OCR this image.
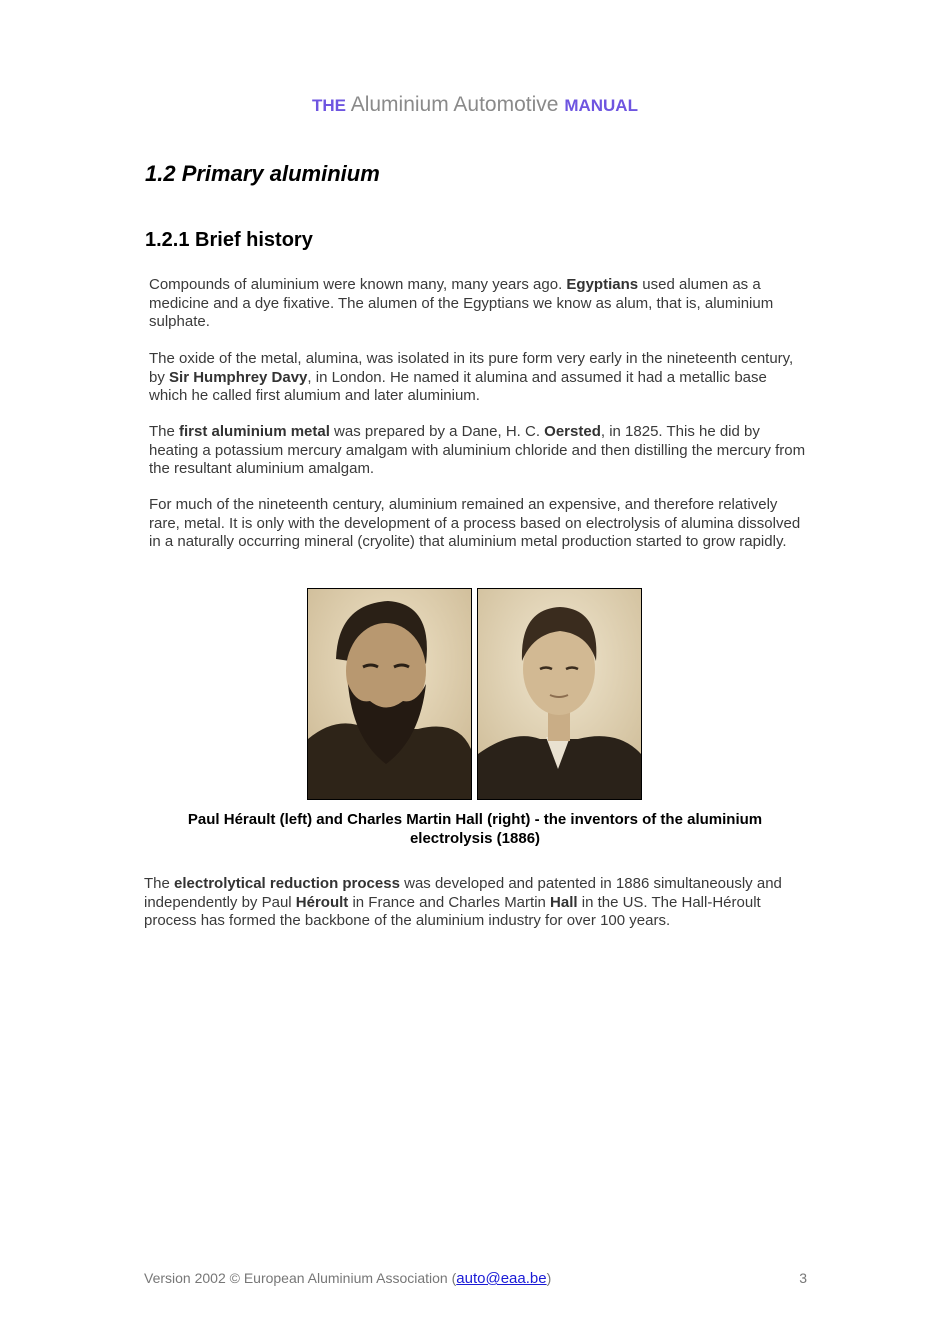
THE Aluminium Automotive MANUAL
1.2 Primary aluminium
1.2.1 Brief history
Compounds of aluminium were known many, many years ago. Egyptians used alumen as a medicine and a dye fixative. The alumen of the Egyptians we know as alum, that is, aluminium sulphate.
The oxide of the metal, alumina, was isolated in its pure form very early in the nineteenth century, by Sir Humphrey Davy, in London. He named it alumina and assumed it had a metallic base which he called first alumium and later aluminium.
The first aluminium metal was prepared by a Dane, H. C. Oersted, in 1825. This he did by heating a potassium mercury amalgam with aluminium chloride and then distilling the mercury from the resultant aluminium amalgam.
For much of the nineteenth century, aluminium remained an expensive, and therefore relatively rare, metal. It is only with the development of a process based on electrolysis of alumina dissolved in a naturally occurring mineral (cryolite) that aluminium metal production started to grow rapidly.
Paul Hérault (left) and Charles Martin Hall (right) - the inventors of the aluminium electrolysis (1886)
The electrolytical reduction process was developed and patented in 1886 simultaneously and independently by Paul Héroult in France and Charles Martin Hall in the US. The Hall-Héroult process has formed the backbone of the aluminium industry for over 100 years.
Version 2002 © European Aluminium Association (auto@eaa.be)	3
